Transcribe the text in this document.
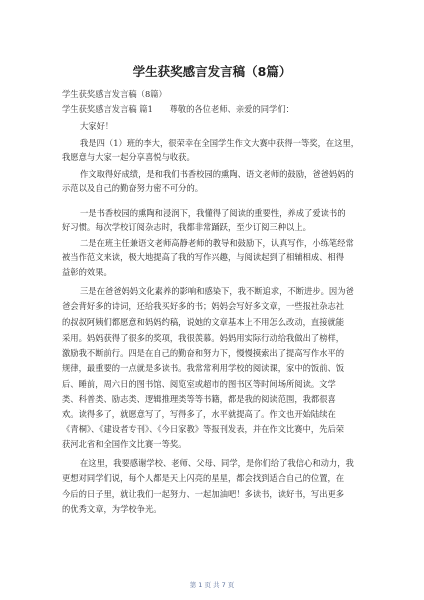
学生获奖感言发言稿（8篇）
学生获奖感言发言稿（8篇）
学生获奖感言发言稿 篇1　　尊敬的各位老师、亲爱的同学们：
大家好！
我是四（1）班的李大，很荣幸在全国学生作文大赛中获得一等奖，在这里，
我愿意与大家一起分享喜悦与收获。
作文取得好成绩，是和我们书香校园的熏陶、语文老师的鼓励，爸爸妈妈的
示范以及自己的勤奋努力密不可分的。
一是书香校园的熏陶和浸润下，我懂得了阅读的重要性，养成了爱读书的
好习惯。每次学校订阅杂志时，我都非常踊跃，至少订阅三种以上。
二是在班主任兼语文老师高静老师的教导和鼓励下，认真写作，小练笔经常
被当作范文来读，极大地提高了我的写作兴趣，与阅读起到了相辅相成、相得
益彰的效果。
三是在爸爸妈妈文化素养的影响和感染下，我不断追求，不断进步。因为爸
爸会背好多的诗词，还给我买好多的书；妈妈会写好多文章，一些报社杂志社
的叔叔阿姨们都愿意和妈妈约稿，说她的文章基本上不用怎么改动，直接就能
采用。妈妈获得了很多的奖项，我很羡慕。妈妈用实际行动给我做出了榜样，
激励我不断前行。四是在自己的勤奋和努力下，慢慢摸索出了提高写作水平的
规律，最重要的一点就是多读书。我常常利用学校的阅读课，家中的饭前、饭
后、睡前，周六日的图书馆、阅览室或超市的图书区等时间场所阅读。文学
类、科普类、励志类、逻辑推理类等等书籍，都是我的阅读范围，我都很喜
欢。读得多了，就愿意写了，写得多了，水平就提高了。作文也开始陆续在
《青桐》、《建设者专刊》、《今日家教》等报刊发表，并在作文比赛中，先后荣
获河北省和全国作文比赛一等奖。
在这里，我要感谢学校、老师、父母、同学，是你们给了我信心和动力，我
更想对同学们说，每个人都是天上闪亮的星星，都会找到适合自己的位置，在
今后的日子里，就让我们一起努力、一起加油吧！多读书，读好书，写出更多
的优秀文章，为学校争光。
第 1 页 共 7 页
